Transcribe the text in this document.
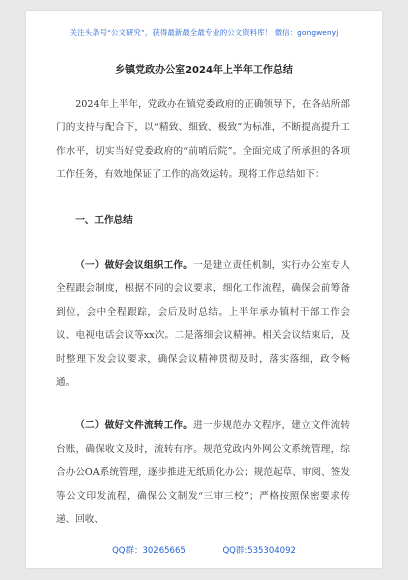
关注头条号“公文研究”，获得最新最全最专业的公文资料库！ 微信：gongwenyj
乡镇党政办公室2024年上半年工作总结

2024年上半年，党政办在镇党委政府的正确领导下，在各站所部门的支持与配合下，以“精致、细致、极致”为标准，不断提高提升工作水平，切实当好党委政府的“前哨后院”。全面完成了所承担的各项工作任务，有效地保证了工作的高效运转。现将工作总结如下：

一、工作总结

（一）做好会议组织工作。一是建立责任机制，实行办公室专人全程跟会制度，根据不同的会议要求，细化工作流程，确保会前筹备到位，会中全程跟踪，会后及时总结。上半年承办镇村干部工作会议、电视电话会议等xx次。二是落细会议精神。相关会议结束后，及时整理下发会议要求，确保会议精神贯彻及时，落实落细，政令畅通。

（二）做好文件流转工作。进一步规范办文程序，建立文件流转台账，确保收文及时，流转有序。规范党政内外网公文系统管理，综合办公OA系统管理，逐步推进无纸质化办公；规范起草、审阅、签发等公文印发流程，确保公文制发“三审三校”；严格按照保密要求传递、回收、

QQ群：30265665	QQ群:535304092
